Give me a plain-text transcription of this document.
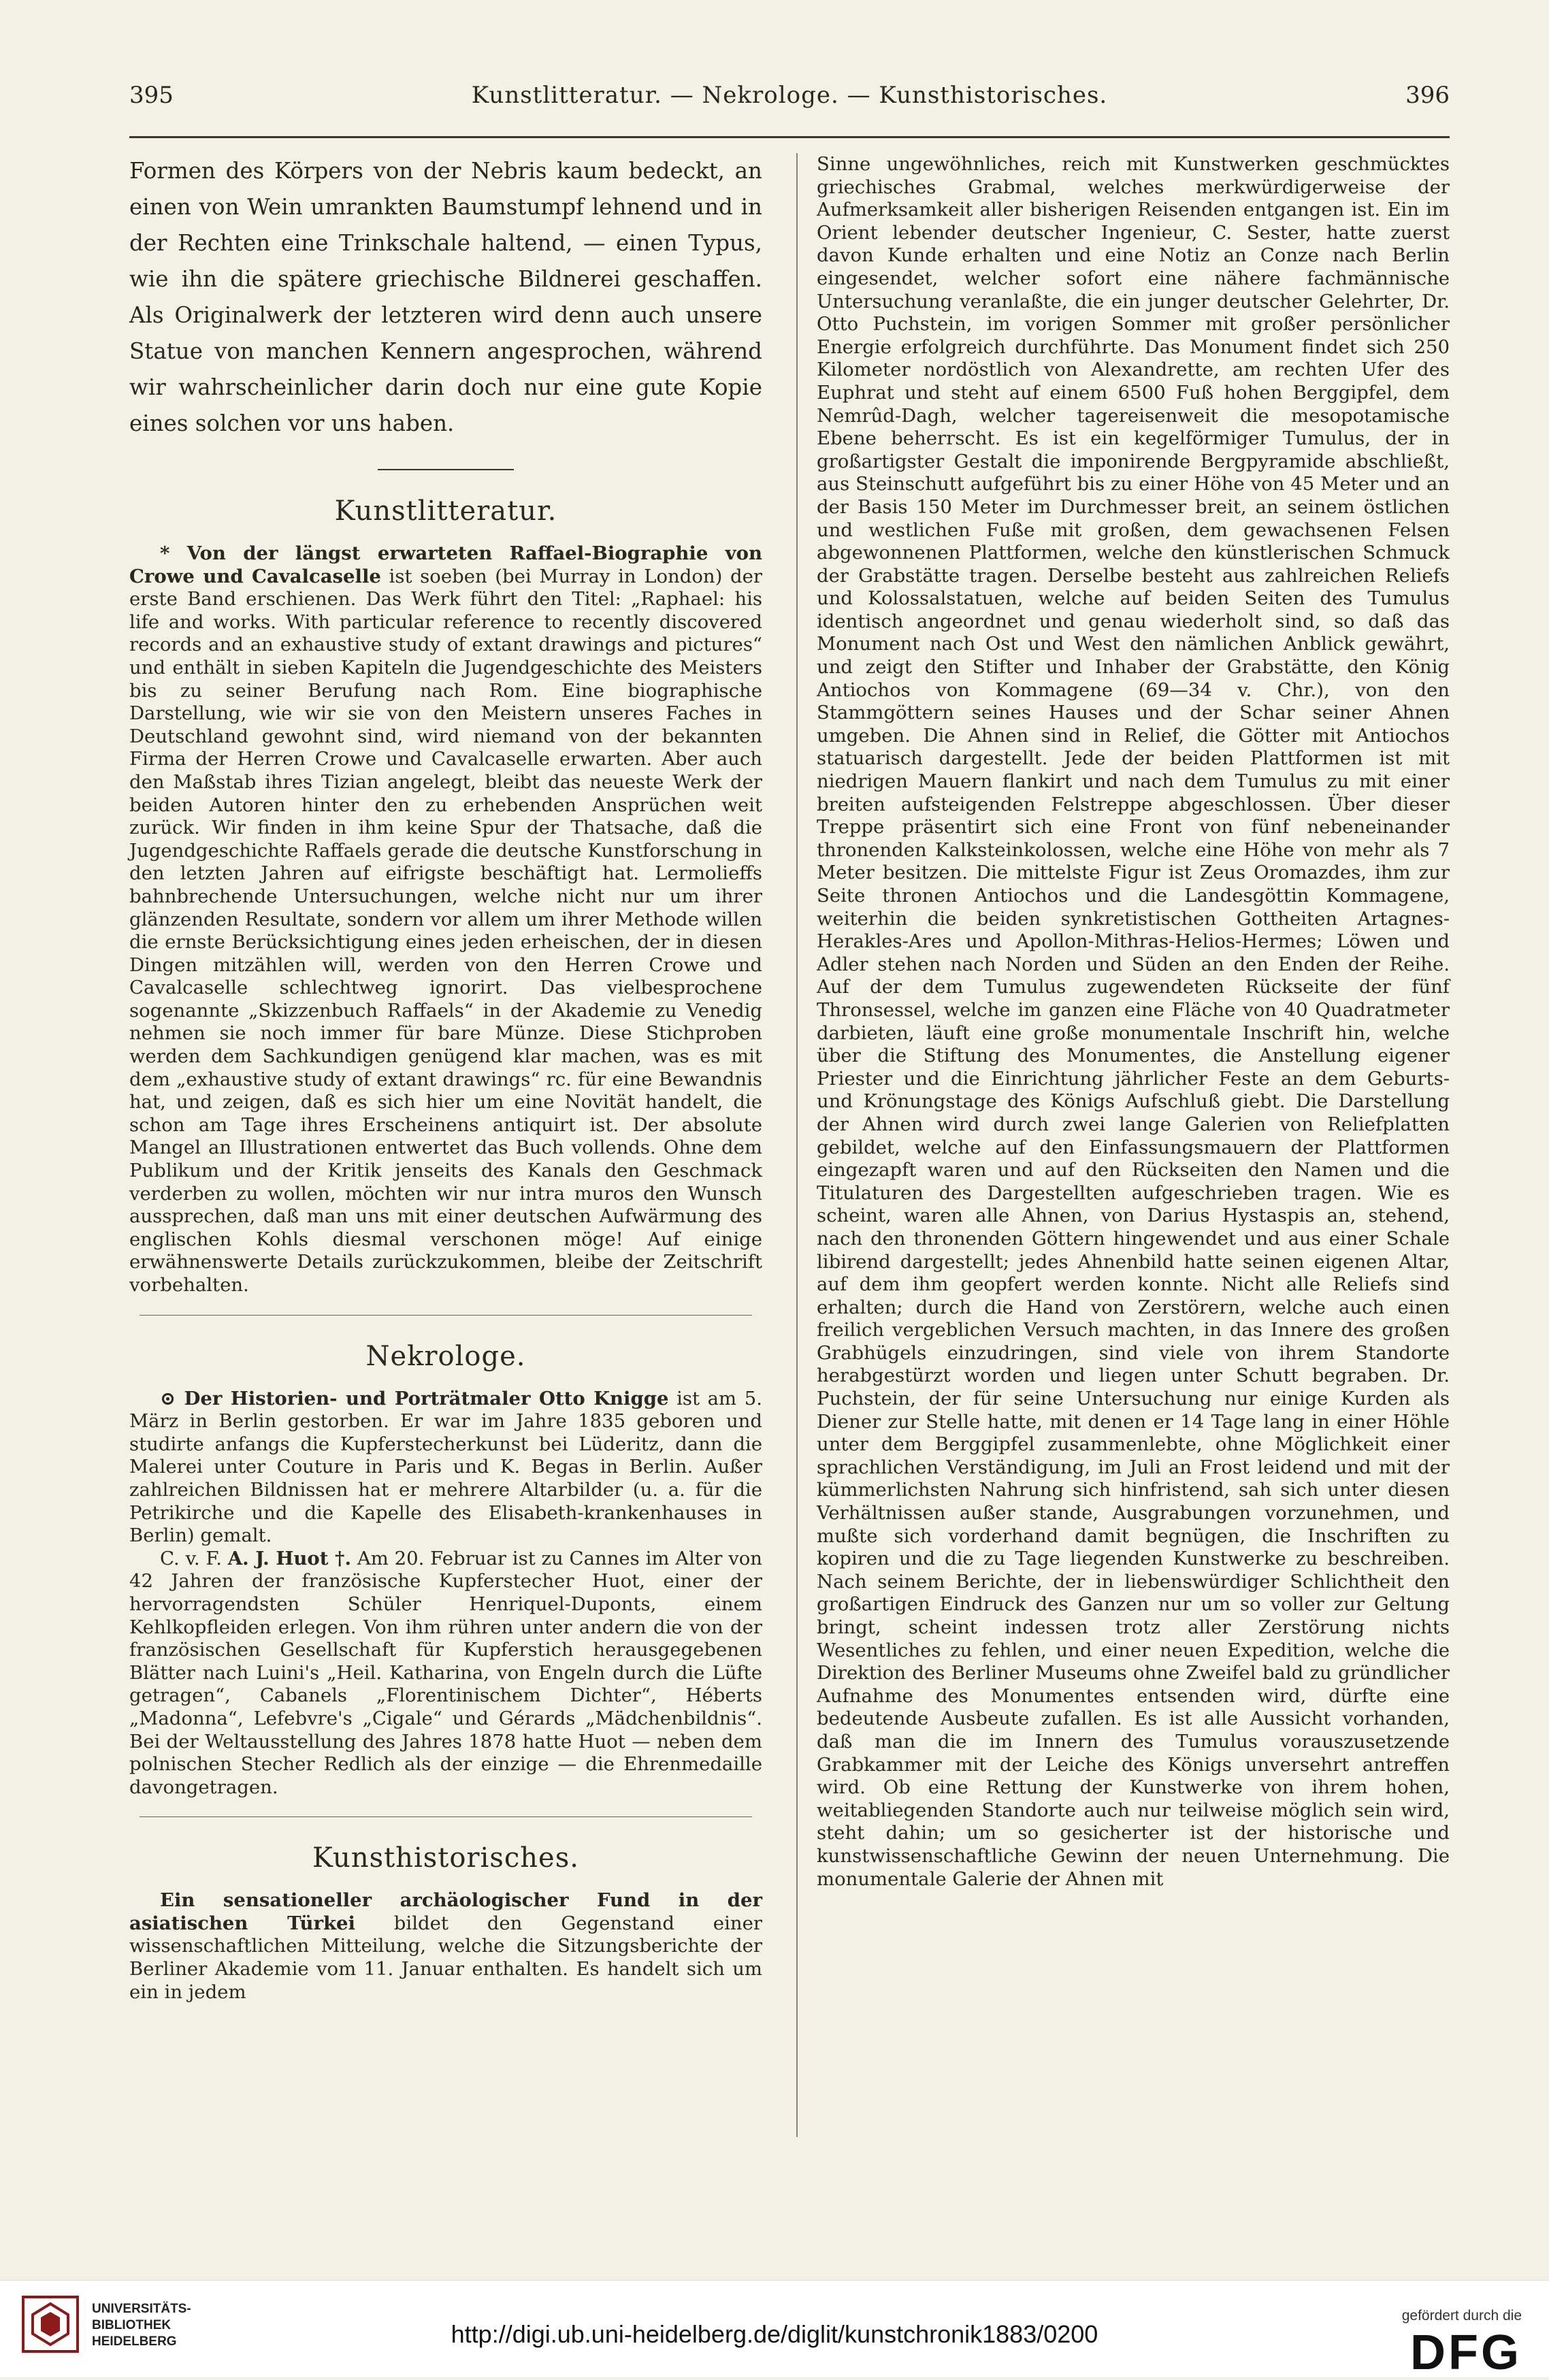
395	Kunstlitteratur. — Nekrologe. — Kunsthistorisches.	396

Formen des Körpers von der Nebris kaum bedeckt, an einen von Wein umrankten Baumstumpf lehnend und in der Rechten eine Trinkschale haltend, — einen Typus, wie ihn die spätere griechische Bildnerei geschaffen. Als Originalwerk der letzteren wird denn auch unsere Statue von manchen Kennern angesprochen, während wir wahrscheinlicher darin doch nur eine gute Kopie eines solchen vor uns haben.

Kunstlitteratur.

* Von der längst erwarteten Raffael-Biographie von Crowe und Cavalcaselle ist soeben (bei Murray in London) der erste Band erschienen. Das Werk führt den Titel: „Raphael: his life and works. With particular reference to recently discovered records and an exhaustive study of extant drawings and pictures“ und enthält in sieben Kapiteln die Jugendgeschichte des Meisters bis zu seiner Berufung nach Rom. Eine biographische Darstellung, wie wir sie von den Meistern unseres Faches in Deutschland gewohnt sind, wird niemand von der bekannten Firma der Herren Crowe und Cavalcaselle erwarten. Aber auch den Maßstab ihres Tizian angelegt, bleibt das neueste Werk der beiden Autoren hinter den zu erhebenden Ansprüchen weit zurück. Wir finden in ihm keine Spur der Thatsache, daß die Jugendgeschichte Raffaels gerade die deutsche Kunstforschung in den letzten Jahren auf eifrigste beschäftigt hat. Lermolieffs bahnbrechende Untersuchungen, welche nicht nur um ihrer glänzenden Resultate, sondern vor allem um ihrer Methode willen die ernste Berücksichtigung eines jeden erheischen, der in diesen Dingen mitzählen will, werden von den Herren Crowe und Cavalcaselle schlechtweg ignorirt. Das vielbesprochene sogenannte „Skizzenbuch Raffaels“ in der Akademie zu Venedig nehmen sie noch immer für bare Münze. Diese Stichproben werden dem Sachkundigen genügend klar machen, was es mit dem „exhaustive study of extant drawings“ rc. für eine Bewandnis hat, und zeigen, daß es sich hier um eine Novität handelt, die schon am Tage ihres Erscheinens antiquirt ist. Der absolute Mangel an Illustrationen entwertet das Buch vollends. Ohne dem Publikum und der Kritik jenseits des Kanals den Geschmack verderben zu wollen, möchten wir nur intra muros den Wunsch aussprechen, daß man uns mit einer deutschen Aufwärmung des englischen Kohls diesmal verschonen möge! Auf einige erwähnenswerte Details zurückzukommen, bleibe der Zeitschrift vorbehalten.

Nekrologe.

⊙ Der Historien- und Porträtmaler Otto Knigge ist am 5. März in Berlin gestorben. Er war im Jahre 1835 geboren und studirte anfangs die Kupferstecherkunst bei Lüderitz, dann die Malerei unter Couture in Paris und K. Begas in Berlin. Außer zahlreichen Bildnissen hat er mehrere Altarbilder (u. a. für die Petrikirche und die Kapelle des Elisabeth-krankenhauses in Berlin) gemalt.

C. v. F. A. J. Huot †. Am 20. Februar ist zu Cannes im Alter von 42 Jahren der französische Kupferstecher Huot, einer der hervorragendsten Schüler Henriquel-Duponts, einem Kehlkopfleiden erlegen. Von ihm rühren unter andern die von der französischen Gesellschaft für Kupferstich herausgegebenen Blätter nach Luini's „Heil. Katharina, von Engeln durch die Lüfte getragen“, Cabanels „Florentinischem Dichter“, Héberts „Madonna“, Lefebvre's „Cigale“ und Gérards „Mädchenbildnis“. Bei der Weltausstellung des Jahres 1878 hatte Huot — neben dem polnischen Stecher Redlich als der einzige — die Ehrenmedaille davongetragen.

Kunsthistorisches.

Ein sensationeller archäologischer Fund in der asiatischen Türkei bildet den Gegenstand einer wissenschaftlichen Mitteilung, welche die Sitzungsberichte der Berliner Akademie vom 11. Januar enthalten. Es handelt sich um ein in jedem

Sinne ungewöhnliches, reich mit Kunstwerken geschmücktes griechisches Grabmal, welches merkwürdigerweise der Aufmerksamkeit aller bisherigen Reisenden entgangen ist. Ein im Orient lebender deutscher Ingenieur, C. Sester, hatte zuerst davon Kunde erhalten und eine Notiz an Conze nach Berlin eingesendet, welcher sofort eine nähere fachmännische Untersuchung veranlaßte, die ein junger deutscher Gelehrter, Dr. Otto Puchstein, im vorigen Sommer mit großer persönlicher Energie erfolgreich durchführte. Das Monument findet sich 250 Kilometer nordöstlich von Alexandrette, am rechten Ufer des Euphrat und steht auf einem 6500 Fuß hohen Berggipfel, dem Nemrûd-Dagh, welcher tagereisenweit die mesopotamische Ebene beherrscht. Es ist ein kegelförmiger Tumulus, der in großartigster Gestalt die imponirende Bergpyramide abschließt, aus Steinschutt aufgeführt bis zu einer Höhe von 45 Meter und an der Basis 150 Meter im Durchmesser breit, an seinem östlichen und westlichen Fuße mit großen, dem gewachsenen Felsen abgewonnenen Plattformen, welche den künstlerischen Schmuck der Grabstätte tragen. Derselbe besteht aus zahlreichen Reliefs und Kolossalstatuen, welche auf beiden Seiten des Tumulus identisch angeordnet und genau wiederholt sind, so daß das Monument nach Ost und West den nämlichen Anblick gewährt, und zeigt den Stifter und Inhaber der Grabstätte, den König Antiochos von Kommagene (69—34 v. Chr.), von den Stammgöttern seines Hauses und der Schar seiner Ahnen umgeben. Die Ahnen sind in Relief, die Götter mit Antiochos statuarisch dargestellt. Jede der beiden Plattformen ist mit niedrigen Mauern flankirt und nach dem Tumulus zu mit einer breiten aufsteigenden Felstreppe abgeschlossen. Über dieser Treppe präsentirt sich eine Front von fünf nebeneinander thronenden Kalksteinkolossen, welche eine Höhe von mehr als 7 Meter besitzen. Die mittelste Figur ist Zeus Oromazdes, ihm zur Seite thronen Antiochos und die Landesgöttin Kommagene, weiterhin die beiden synkretistischen Gottheiten Artagnes-Herakles-Ares und Apollon-Mithras-Helios-Hermes; Löwen und Adler stehen nach Norden und Süden an den Enden der Reihe. Auf der dem Tumulus zugewendeten Rückseite der fünf Thronsessel, welche im ganzen eine Fläche von 40 Quadratmeter darbieten, läuft eine große monumentale Inschrift hin, welche über die Stiftung des Monumentes, die Anstellung eigener Priester und die Einrichtung jährlicher Feste an dem Geburts- und Krönungstage des Königs Aufschluß giebt. Die Darstellung der Ahnen wird durch zwei lange Galerien von Reliefplatten gebildet, welche auf den Einfassungsmauern der Plattformen eingezapft waren und auf den Rückseiten den Namen und die Titulaturen des Dargestellten aufgeschrieben tragen. Wie es scheint, waren alle Ahnen, von Darius Hystaspis an, stehend, nach den thronenden Göttern hingewendet und aus einer Schale libirend dargestellt; jedes Ahnenbild hatte seinen eigenen Altar, auf dem ihm geopfert werden konnte. Nicht alle Reliefs sind erhalten; durch die Hand von Zerstörern, welche auch einen freilich vergeblichen Versuch machten, in das Innere des großen Grabhügels einzudringen, sind viele von ihrem Standorte herabgestürzt worden und liegen unter Schutt begraben. Dr. Puchstein, der für seine Untersuchung nur einige Kurden als Diener zur Stelle hatte, mit denen er 14 Tage lang in einer Höhle unter dem Berggipfel zusammenlebte, ohne Möglichkeit einer sprachlichen Verständigung, im Juli an Frost leidend und mit der kümmerlichsten Nahrung sich hinfristend, sah sich unter diesen Verhältnissen außer stande, Ausgrabungen vorzunehmen, und mußte sich vorderhand damit begnügen, die Inschriften zu kopiren und die zu Tage liegenden Kunstwerke zu beschreiben. Nach seinem Berichte, der in liebenswürdiger Schlichtheit den großartigen Eindruck des Ganzen nur um so voller zur Geltung bringt, scheint indessen trotz aller Zerstörung nichts Wesentliches zu fehlen, und einer neuen Expedition, welche die Direktion des Berliner Museums ohne Zweifel bald zu gründlicher Aufnahme des Monumentes entsenden wird, dürfte eine bedeutende Ausbeute zufallen. Es ist alle Aussicht vorhanden, daß man die im Innern des Tumulus vorauszusetzende Grabkammer mit der Leiche des Königs unversehrt antreffen wird. Ob eine Rettung der Kunstwerke von ihrem hohen, weitabliegenden Standorte auch nur teilweise möglich sein wird, steht dahin; um so gesicherter ist der historische und kunstwissenschaftliche Gewinn der neuen Unternehmung. Die monumentale Galerie der Ahnen mit

UNIVERSITÄTS-
BIBLIOTHEK
HEIDELBERG	http://digi.ub.uni-heidelberg.de/diglit/kunstchronik1883/0200
gefördert durch die
DFG
